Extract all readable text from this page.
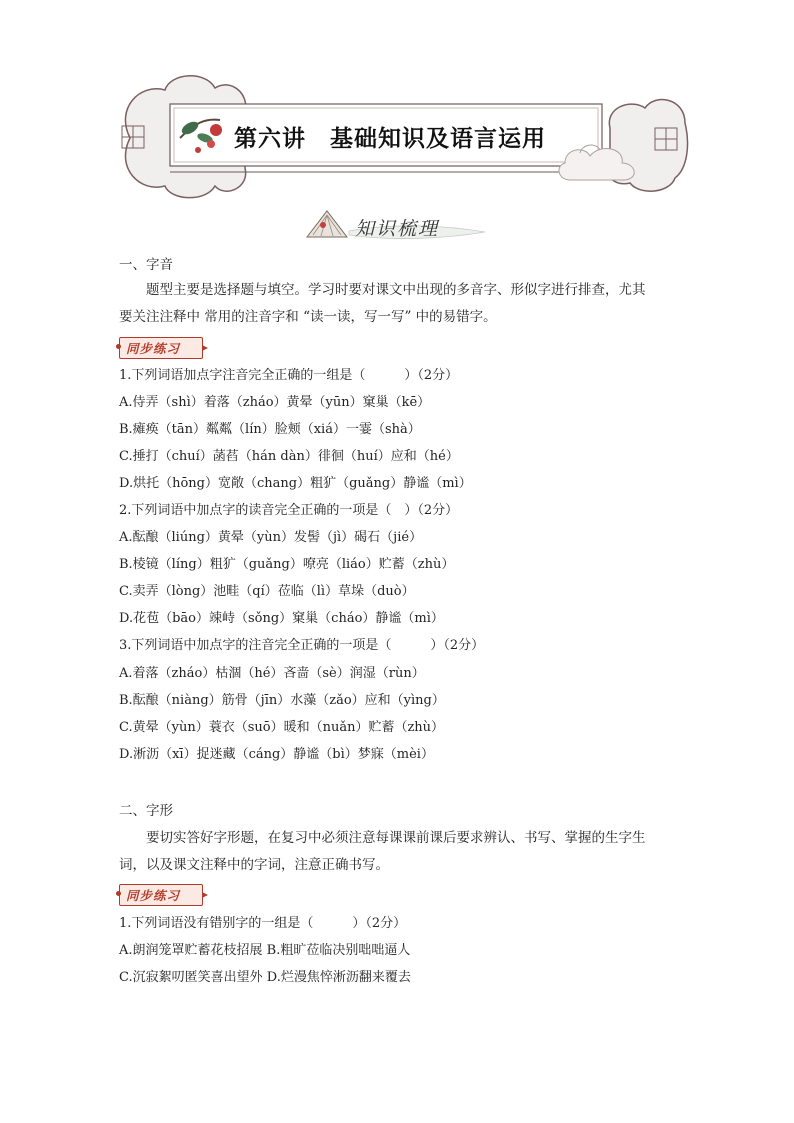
第六讲　基础知识及语言运用
知识梳理
一、字音
题型主要是选择题与填空。学习时要对课文中出现的多音字、形似字进行排查，尤其
要关注注释中 常用的注音字和 “读一读，写一写” 中的易错字。
同步练习
1.下列词语加点字注音完全正确的一组是（　　　）（2分）
A.侍弄（shì）着落（zháo）黄晕（yūn）窠巢（kē）
B.瘫痪（tān）粼粼（lín）脸颊（xiá）一霎（shà）
C.捶打（chuí）菡萏（hán dàn）徘徊（huí）应和（hé）
D.烘托（hōng）宽敞（chang）粗犷（guǎng）静谧（mì）
2.下列词语中加点字的读音完全正确的一项是（　）（2分）
A.酝酿（liúng）黄晕（yùn）发髻（jì）碣石（jié）
B.棱镜（líng）粗犷（guǎng）嘹亮（liáo）贮蓄（zhù）
C.卖弄（lòng）池畦（qí）莅临（lì）草垛（duò）
D.花苞（bāo）竦峙（sǒng）窠巢（cháo）静谧（mì）
3.下列词语中加点字的注音完全正确的一项是（　　　）（2分）
A.着落（zháo）枯涸（hé）吝啬（sè）润湿（rùn）
B.酝酿（niàng）筋骨（jīn）水藻（zǎo）应和（yìng）
C.黄晕（yùn）蓑衣（suō）暖和（nuǎn）贮蓄（zhù）
D.淅沥（xī）捉迷藏（cáng）静谧（bì）梦寐（mèi）
二、字形
要切实答好字形题，在复习中必须注意每课课前课后要求辨认、书写、掌握的生字生
词，以及课文注释中的字词，注意正确书写。
同步练习
1.下列词语没有错别字的一组是（　　　）（2分）
A.朗润笼罩贮蓄花枝招展 B.粗旷莅临决别咄咄逼人
C.沉寂絮叨匿笑喜出望外 D.烂漫焦悴淅沥翻来覆去
